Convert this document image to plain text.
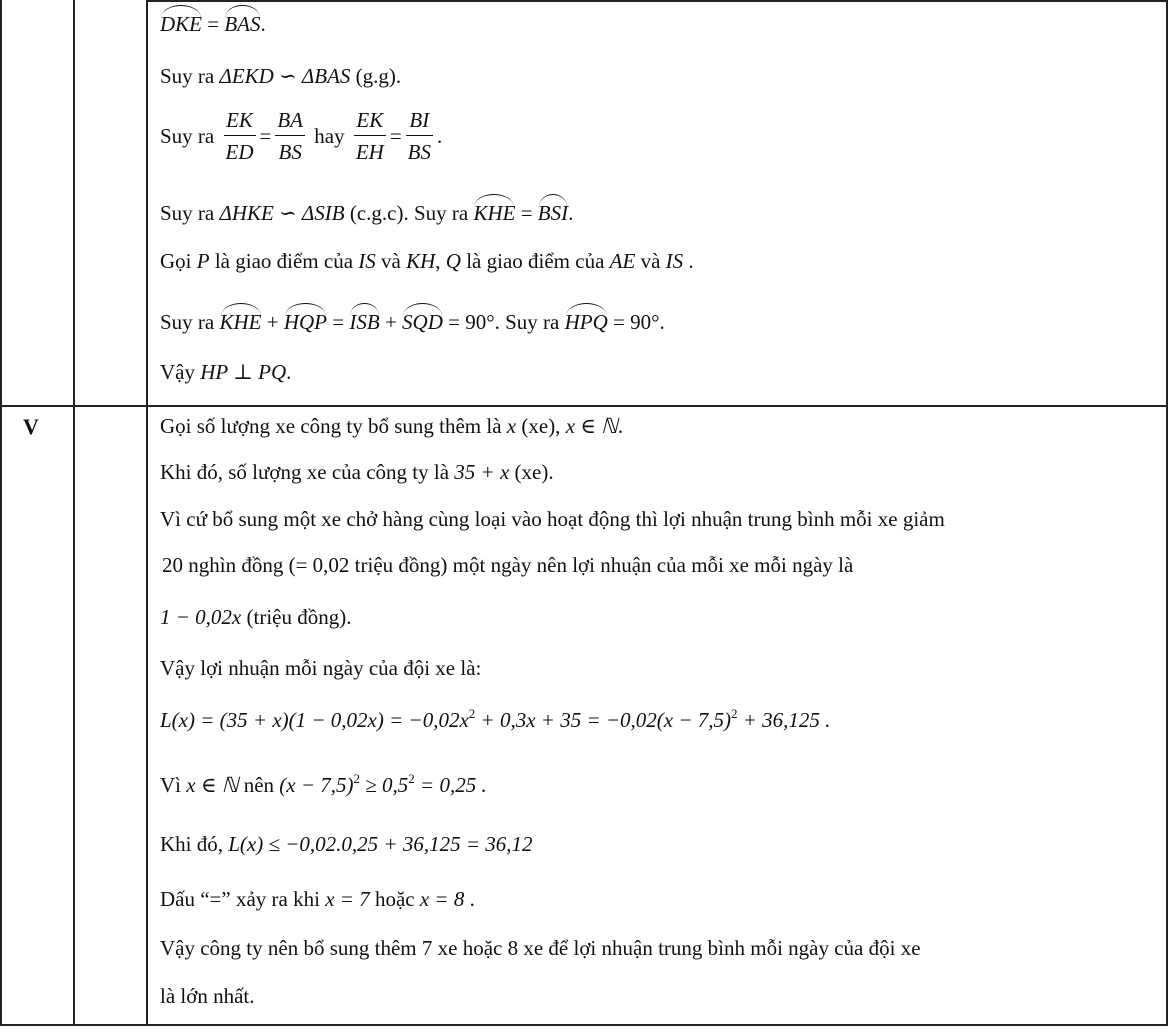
V
DKE = BAS.
Suy ra ΔEKD ∽ ΔBAS (g.g).
Suy ra $\frac{EK}{ED} = \frac{BA}{BS}$ hay $\frac{EK}{EH} = \frac{BI}{BS}$ .
Suy ra ΔHKE ∽ ΔSIB (c.g.c). Suy ra KHE = BSI.
Gọi P là giao điểm của IS và KH, Q là giao điểm của AE và IS .
Suy ra KHE + HQP = ISB + SQD = 90°. Suy ra HPQ = 90°.
Vậy HP ⊥ PQ.
Gọi số lượng xe công ty bổ sung thêm là x (xe), x ∈ ℕ.
Khi đó, số lượng xe của công ty là 35 + x (xe).
Vì cứ bổ sung một xe chở hàng cùng loại vào hoạt động thì lợi nhuận trung bình mỗi xe giảm
20 nghìn đồng (= 0,02 triệu đồng) một ngày nên lợi nhuận của mỗi xe mỗi ngày là
1 − 0,02x (triệu đồng).
Vậy lợi nhuận mỗi ngày của đội xe là:
$L(x) = (35 + x)(1 - 0,02x) = -0,02x^2 + 0,3x + 35 = -0,02(x - 7,5)^2 + 36,125$ .
Vì x ∈ ℕ nên $(x - 7,5)^2 \ge 0,5^2 = 0,25$ .
Khi đó, L(x) ≤ −0,02.0,25 + 36,125 = 36,12
Dấu “=” xảy ra khi x = 7 hoặc x = 8 .
Vậy công ty nên bổ sung thêm 7 xe hoặc 8 xe để lợi nhuận trung bình mỗi ngày của đội xe
là lớn nhất.
